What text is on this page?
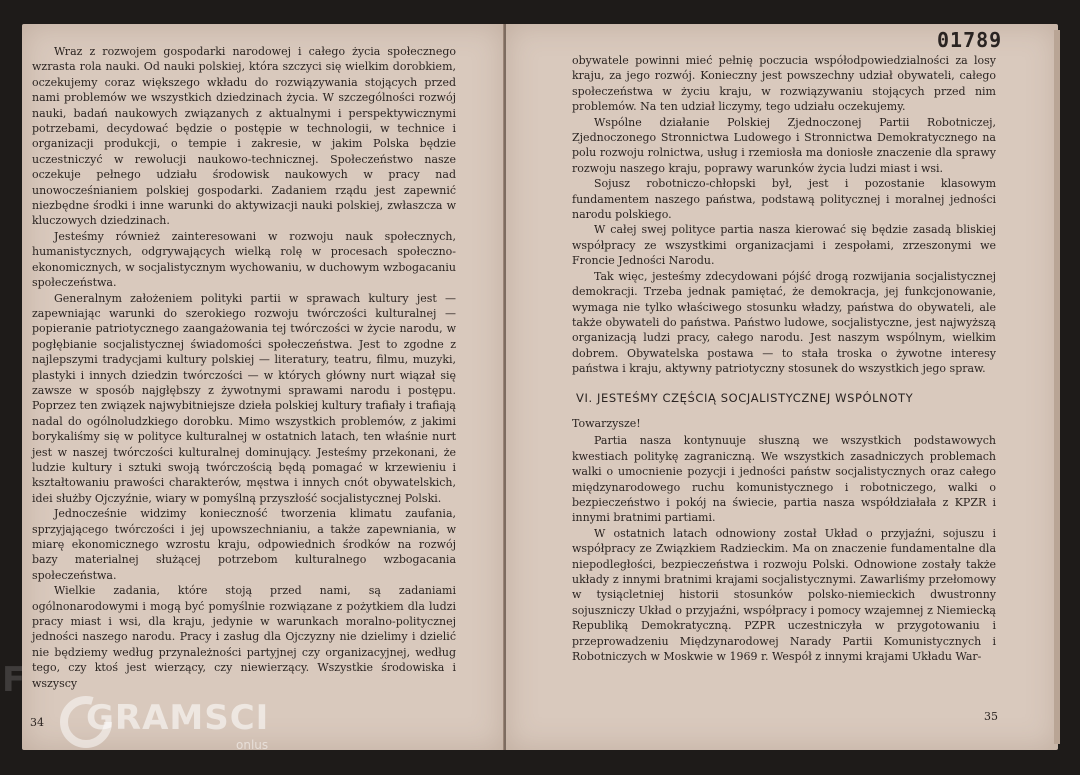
01789

Wraz z rozwojem gospodarki narodowej i całego życia społecznego wzrasta rola nauki. Od nauki polskiej, która szczyci się wielkim dorobkiem, oczekujemy coraz większego wkładu do rozwiązywania stojących przed nami problemów we wszystkich dziedzinach życia. W szczególności rozwój nauki, badań naukowych związanych z aktualnymi i perspektywicznymi potrzebami, decydować będzie o postępie w technologii, w technice i organizacji produkcji, o tempie i zakresie, w jakim Polska będzie uczestniczyć w rewolucji naukowo-technicznej. Społeczeństwo nasze oczekuje pełnego udziału środowisk naukowych w pracy nad unowocześnianiem polskiej gospodarki. Zadaniem rządu jest zapewnić niezbędne środki i inne warunki do aktywizacji nauki polskiej, zwłaszcza w kluczowych dziedzinach.

Jesteśmy również zainteresowani w rozwoju nauk społecznych, humanistycznych, odgrywających wielką rolę w procesach społeczno-ekonomicznych, w socjalistycznym wychowaniu, w duchowym wzbogacaniu społeczeństwa.

Generalnym założeniem polityki partii w sprawach kultury jest — zapewniając warunki do szerokiego rozwoju twórczości kulturalnej — popieranie patriotycznego zaangażowania tej twórczości w życie narodu, w pogłębianie socjalistycznej świadomości społeczeństwa. Jest to zgodne z najlepszymi tradycjami kultury polskiej — literatury, teatru, filmu, muzyki, plastyki i innych dziedzin twórczości — w których główny nurt wiązał się zawsze w sposób najgłębszy z żywotnymi sprawami narodu i postępu. Poprzez ten związek najwybitniejsze dzieła polskiej kultury trafiały i trafiają nadal do ogólnoludzkiego dorobku. Mimo wszystkich problemów, z jakimi borykaliśmy się w polityce kulturalnej w ostatnich latach, ten właśnie nurt jest w naszej twórczości kulturalnej dominujący. Jesteśmy przekonani, że ludzie kultury i sztuki swoją twórczością będą pomagać w krzewieniu i kształtowaniu prawości charakterów, męstwa i innych cnót obywatelskich, idei służby Ojczyźnie, wiary w pomyślną przyszłość socjalistycznej Polski.

Jednocześnie widzimy konieczność tworzenia klimatu zaufania, sprzyjającego twórczości i jej upowszechnianiu, a także zapewniania, w miarę ekonomicznego wzrostu kraju, odpowiednich środków na rozwój bazy materialnej służącej potrzebom kulturalnego wzbogacania społeczeństwa.

Wielkie zadania, które stoją przed nami, są zadaniami ogólnonarodowymi i mogą być pomyślnie rozwiązane z pożytkiem dla ludzi pracy miast i wsi, dla kraju, jedynie w warunkach moralno-politycznej jedności naszego narodu. Pracy i zasług dla Ojczyzny nie dzielimy i dzielić nie będziemy według przynależności partyjnej czy organizacyjnej, według tego, czy ktoś jest wierzący, czy niewierzący. Wszystkie środowiska i wszyscy

obywatele powinni mieć pełnię poczucia współodpowiedzialności za losy kraju, za jego rozwój. Konieczny jest powszechny udział obywateli, całego społeczeństwa w życiu kraju, w rozwiązywaniu stojących przed nim problemów. Na ten udział liczymy, tego udziału oczekujemy.

Wspólne działanie Polskiej Zjednoczonej Partii Robotniczej, Zjednoczonego Stronnictwa Ludowego i Stronnictwa Demokratycznego na polu rozwoju rolnictwa, usług i rzemiosła ma doniosłe znaczenie dla sprawy rozwoju naszego kraju, poprawy warunków życia ludzi miast i wsi.

Sojusz robotniczo-chłopski był, jest i pozostanie klasowym fundamentem naszego państwa, podstawą politycznej i moralnej jedności narodu polskiego.

W całej swej polityce partia nasza kierować się będzie zasadą bliskiej współpracy ze wszystkimi organizacjami i zespołami, zrzeszonymi we Froncie Jedności Narodu.

Tak więc, jesteśmy zdecydowani pójść drogą rozwijania socjalistycznej demokracji. Trzeba jednak pamiętać, że demokracja, jej funkcjonowanie, wymaga nie tylko właściwego stosunku władzy, państwa do obywateli, ale także obywateli do państwa. Państwo ludowe, socjalistyczne, jest najwyższą organizacją ludzi pracy, całego narodu. Jest naszym wspólnym, wielkim dobrem. Obywatelska postawa — to stała troska o żywotne interesy państwa i kraju, aktywny patriotyczny stosunek do wszystkich jego spraw.

VI. JESTEŚMY CZĘŚCIĄ SOCJALISTYCZNEJ WSPÓLNOTY

Towarzysze!

Partia nasza kontynuuje słuszną we wszystkich podstawowych kwestiach politykę zagraniczną. We wszystkich zasadniczych problemach walki o umocnienie pozycji i jedności państw socjalistycznych oraz całego międzynarodowego ruchu komunistycznego i robotniczego, walki o bezpieczeństwo i pokój na świecie, partia nasza współdziałała z KPZR i innymi bratnimi partiami.

W ostatnich latach odnowiony został Układ o przyjaźni, sojuszu i współpracy ze Związkiem Radzieckim. Ma on znaczenie fundamentalne dla niepodległości, bezpieczeństwa i rozwoju Polski. Odnowione zostały także układy z innymi bratnimi krajami socjalistycznymi. Zawarliśmy przełomowy w tysiącletniej historii stosunków polsko-niemieckich dwustronny sojuszniczy Układ o przyjaźni, współpracy i pomocy wzajemnej z Niemiecką Republiką Demokratyczną. PZPR uczestniczyła w przygotowaniu i przeprowadzeniu Międzynarodowej Narady Partii Komunistycznych i Robotniczych w Moskwie w 1969 r. Wespół z innymi krajami Układu War-

34	35
F
GRAMSCI
onlus
